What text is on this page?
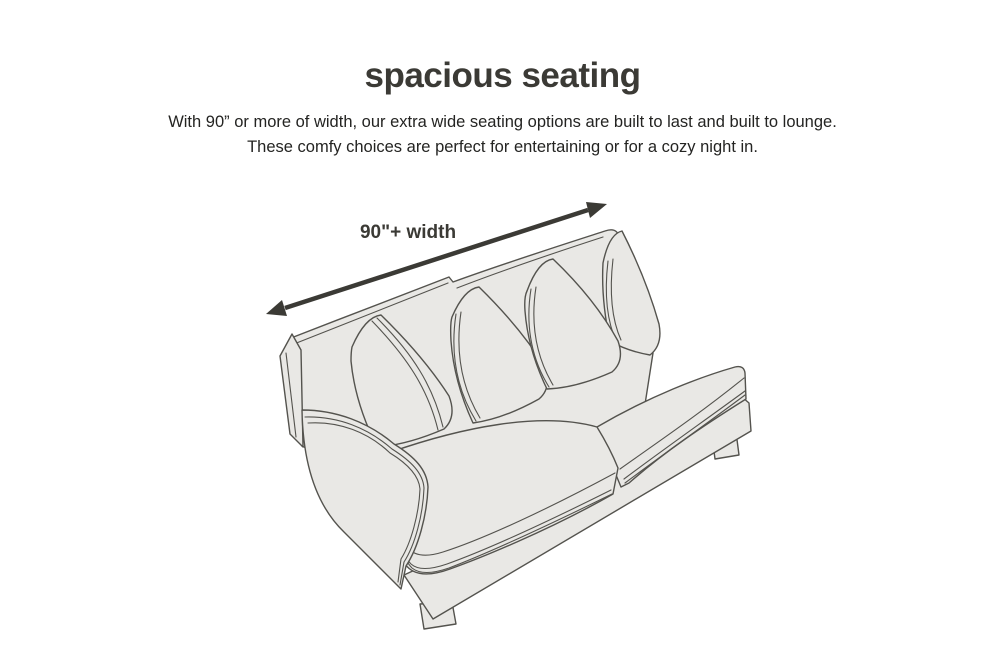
spacious seating

With 90” or more of width, our extra wide seating options are built to last and built to lounge.

These comfy choices are perfect for entertaining or for a cozy night in.

90"+ width
